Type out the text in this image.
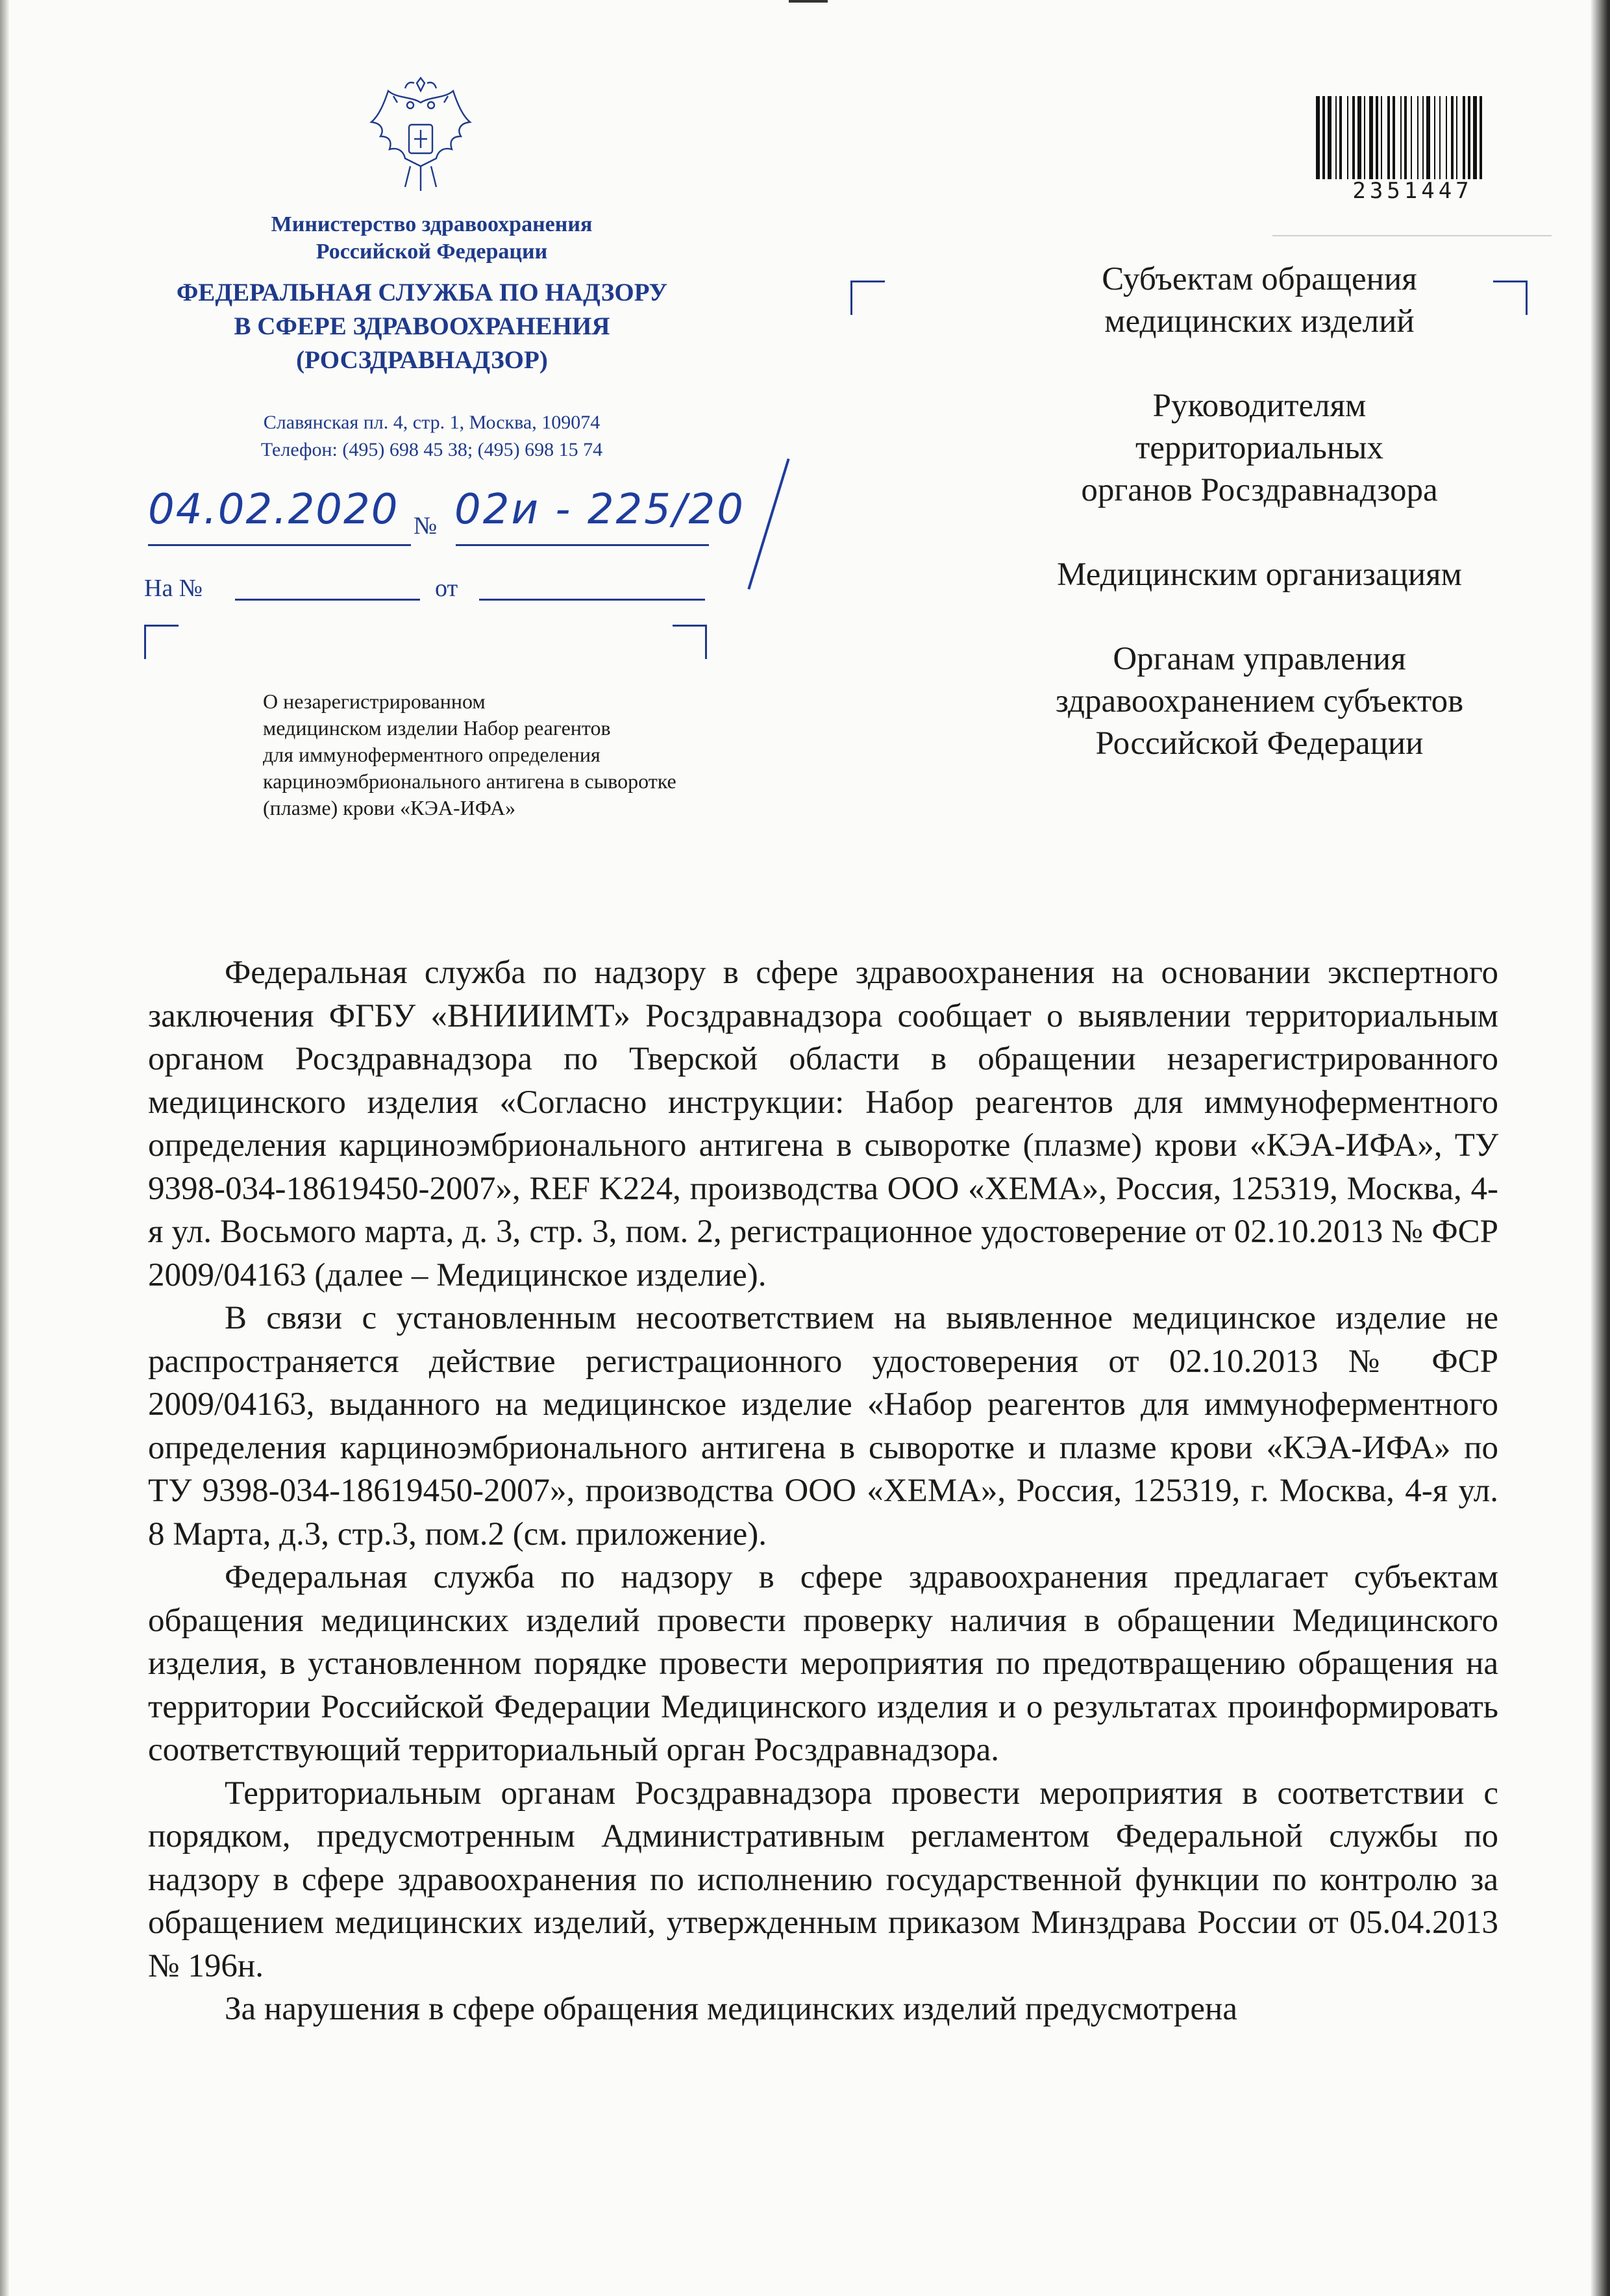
Министерство здравоохранения
Российской Федерации
ФЕДЕРАЛЬНАЯ СЛУЖБА ПО НАДЗОРУ
В СФЕРЕ ЗДРАВООХРАНЕНИЯ
(РОСЗДРАВНАДЗОР)
Славянская пл. 4, стр. 1, Москва, 109074
Телефон: (495) 698 45 38; (495) 698 15 74
04.02.2020 № 02и - 225/20
На №	от
О незарегистрированном
медицинском изделии Набор реагентов
для иммуноферментного определения
карциноэмбрионального антигена в сыворотке
(плазме) крови «КЭА-ИФА»
2351447
Субъектам обращения
медицинских изделий
Руководителям
территориальных
органов Росздравнадзора
Медицинским организациям
Органам управления
здравоохранением субъектов
Российской Федерации

Федеральная служба по надзору в сфере здравоохранения на основании экспертного заключения ФГБУ «ВНИИИМТ» Росздравнадзора сообщает о выявлении территориальным органом Росздравнадзора по Тверской области в обращении незарегистрированного медицинского изделия «Согласно инструкции: Набор реагентов для иммуноферментного определения карциноэмбрионального антигена в сыворотке (плазме) крови «КЭА-ИФА», ТУ 9398-034-18619450-2007», REF K224, производства ООО «ХЕМА», Россия, 125319, Москва, 4-я ул. Восьмого марта, д. 3, стр. 3, пом. 2, регистрационное удостоверение от 02.10.2013 № ФСР 2009/04163 (далее – Медицинское изделие).

В связи с установленным несоответствием на выявленное медицинское изделие не распространяется действие регистрационного удостоверения от 02.10.2013 № ФСР 2009/04163, выданного на медицинское изделие «Набор реагентов для иммуноферментного определения карциноэмбрионального антигена в сыворотке и плазме крови «КЭА-ИФА» по ТУ 9398-034-18619450-2007», производства ООО «ХЕМА», Россия, 125319, г. Москва, 4-я ул. 8 Марта, д.3, стр.3, пом.2 (см. приложение).

Федеральная служба по надзору в сфере здравоохранения предлагает субъектам обращения медицинских изделий провести проверку наличия в обращении Медицинского изделия, в установленном порядке провести мероприятия по предотвращению обращения на территории Российской Федерации Медицинского изделия и о результатах проинформировать соответствующий территориальный орган Росздравнадзора.

Территориальным органам Росздравнадзора провести мероприятия в соответствии с порядком, предусмотренным Административным регламентом Федеральной службы по надзору в сфере здравоохранения по исполнению государственной функции по контролю за обращением медицинских изделий, утвержденным приказом Минздрава России от 05.04.2013 № 196н.

За нарушения в сфере обращения медицинских изделий предусмотрена
